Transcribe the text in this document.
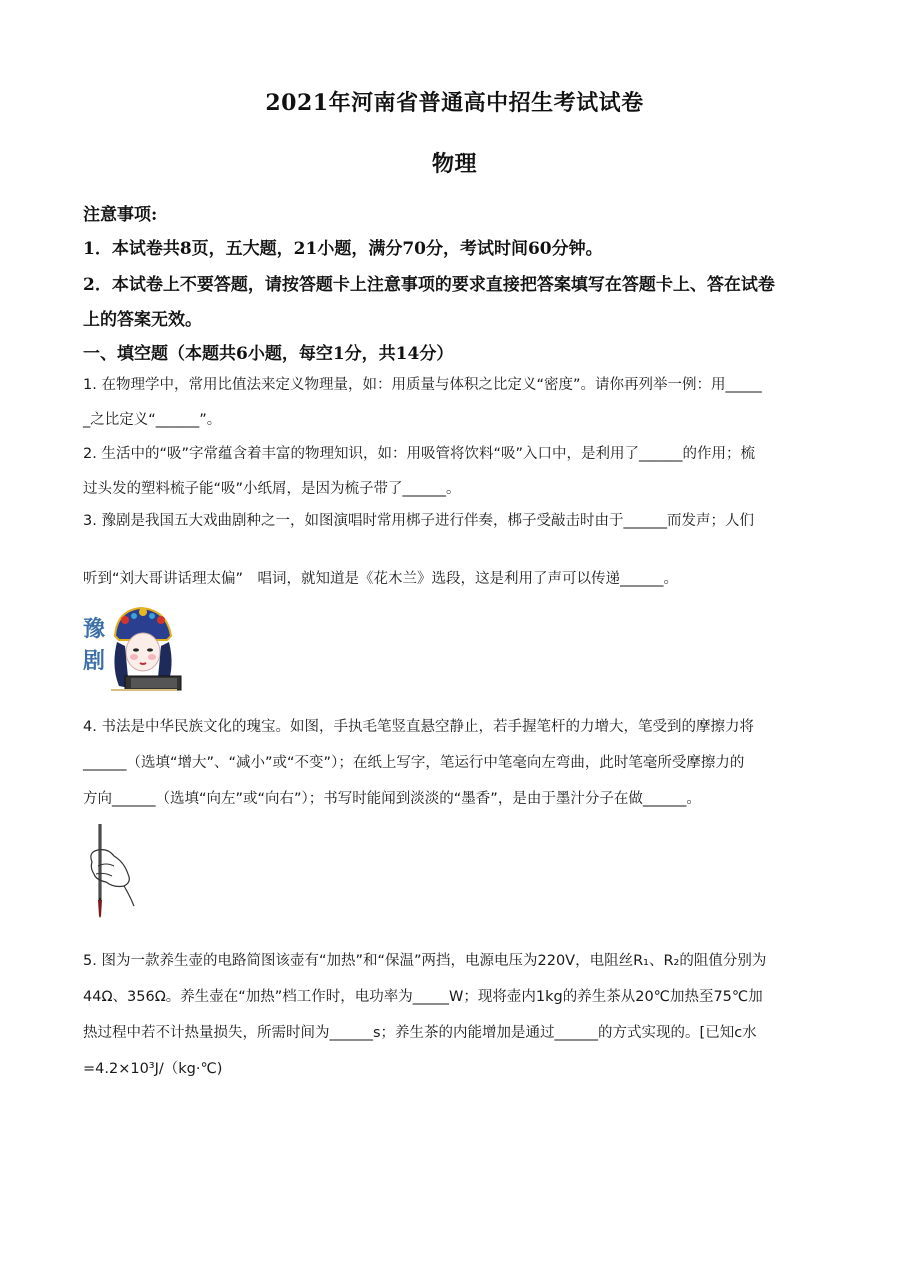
2021年河南省普通高中招生考试试卷
物理
注意事项:
1．本试卷共8页，五大题，21小题，满分70分，考试时间60分钟。
2．本试卷上不要答题，请按答题卡上注意事项的要求直接把答案填写在答题卡上、答在试卷
上的答案无效。
一、填空题（本题共6小题，每空1分，共14分）
1. 在物理学中，常用比值法来定义物理量，如：用质量与体积之比定义“密度”。请你再列举一例：用_____
_之比定义“______”。
2. 生活中的“吸”字常蕴含着丰富的物理知识，如：用吸管将饮料“吸”入口中，是利用了______的作用；梳
过头发的塑料梳子能“吸”小纸屑，是因为梳子带了______。
3. 豫剧是我国五大戏曲剧种之一，如图演唱时常用梆子进行伴奏，梆子受敲击时由于______而发声；人们
听到“刘大哥讲话理太偏”　唱词，就知道是《花木兰》选段，这是利用了声可以传递______。
豫
剧
4. 书法是中华民族文化的瑰宝。如图，手执毛笔竖直悬空静止，若手握笔杆的力增大，笔受到的摩擦力将
______（选填“增大”、“减小”或“不变”）；在纸上写字，笔运行中笔毫向左弯曲，此时笔毫所受摩擦力的
方向______（选填“向左”或“向右”）；书写时能闻到淡淡的“墨香”，是由于墨汁分子在做______。
5. 图为一款养生壶的电路简图该壶有“加热”和“保温”两挡，电源电压为220V，电阻丝R₁、R₂的阻值分别为
44Ω、356Ω。养生壶在“加热”档工作时，电功率为_____W；现将壶内1kg的养生茶从20℃加热至75℃加
热过程中若不计热量损失，所需时间为______s；养生茶的内能增加是通过______的方式实现的。[已知c水
=4.2×10³J/（kg·℃)
